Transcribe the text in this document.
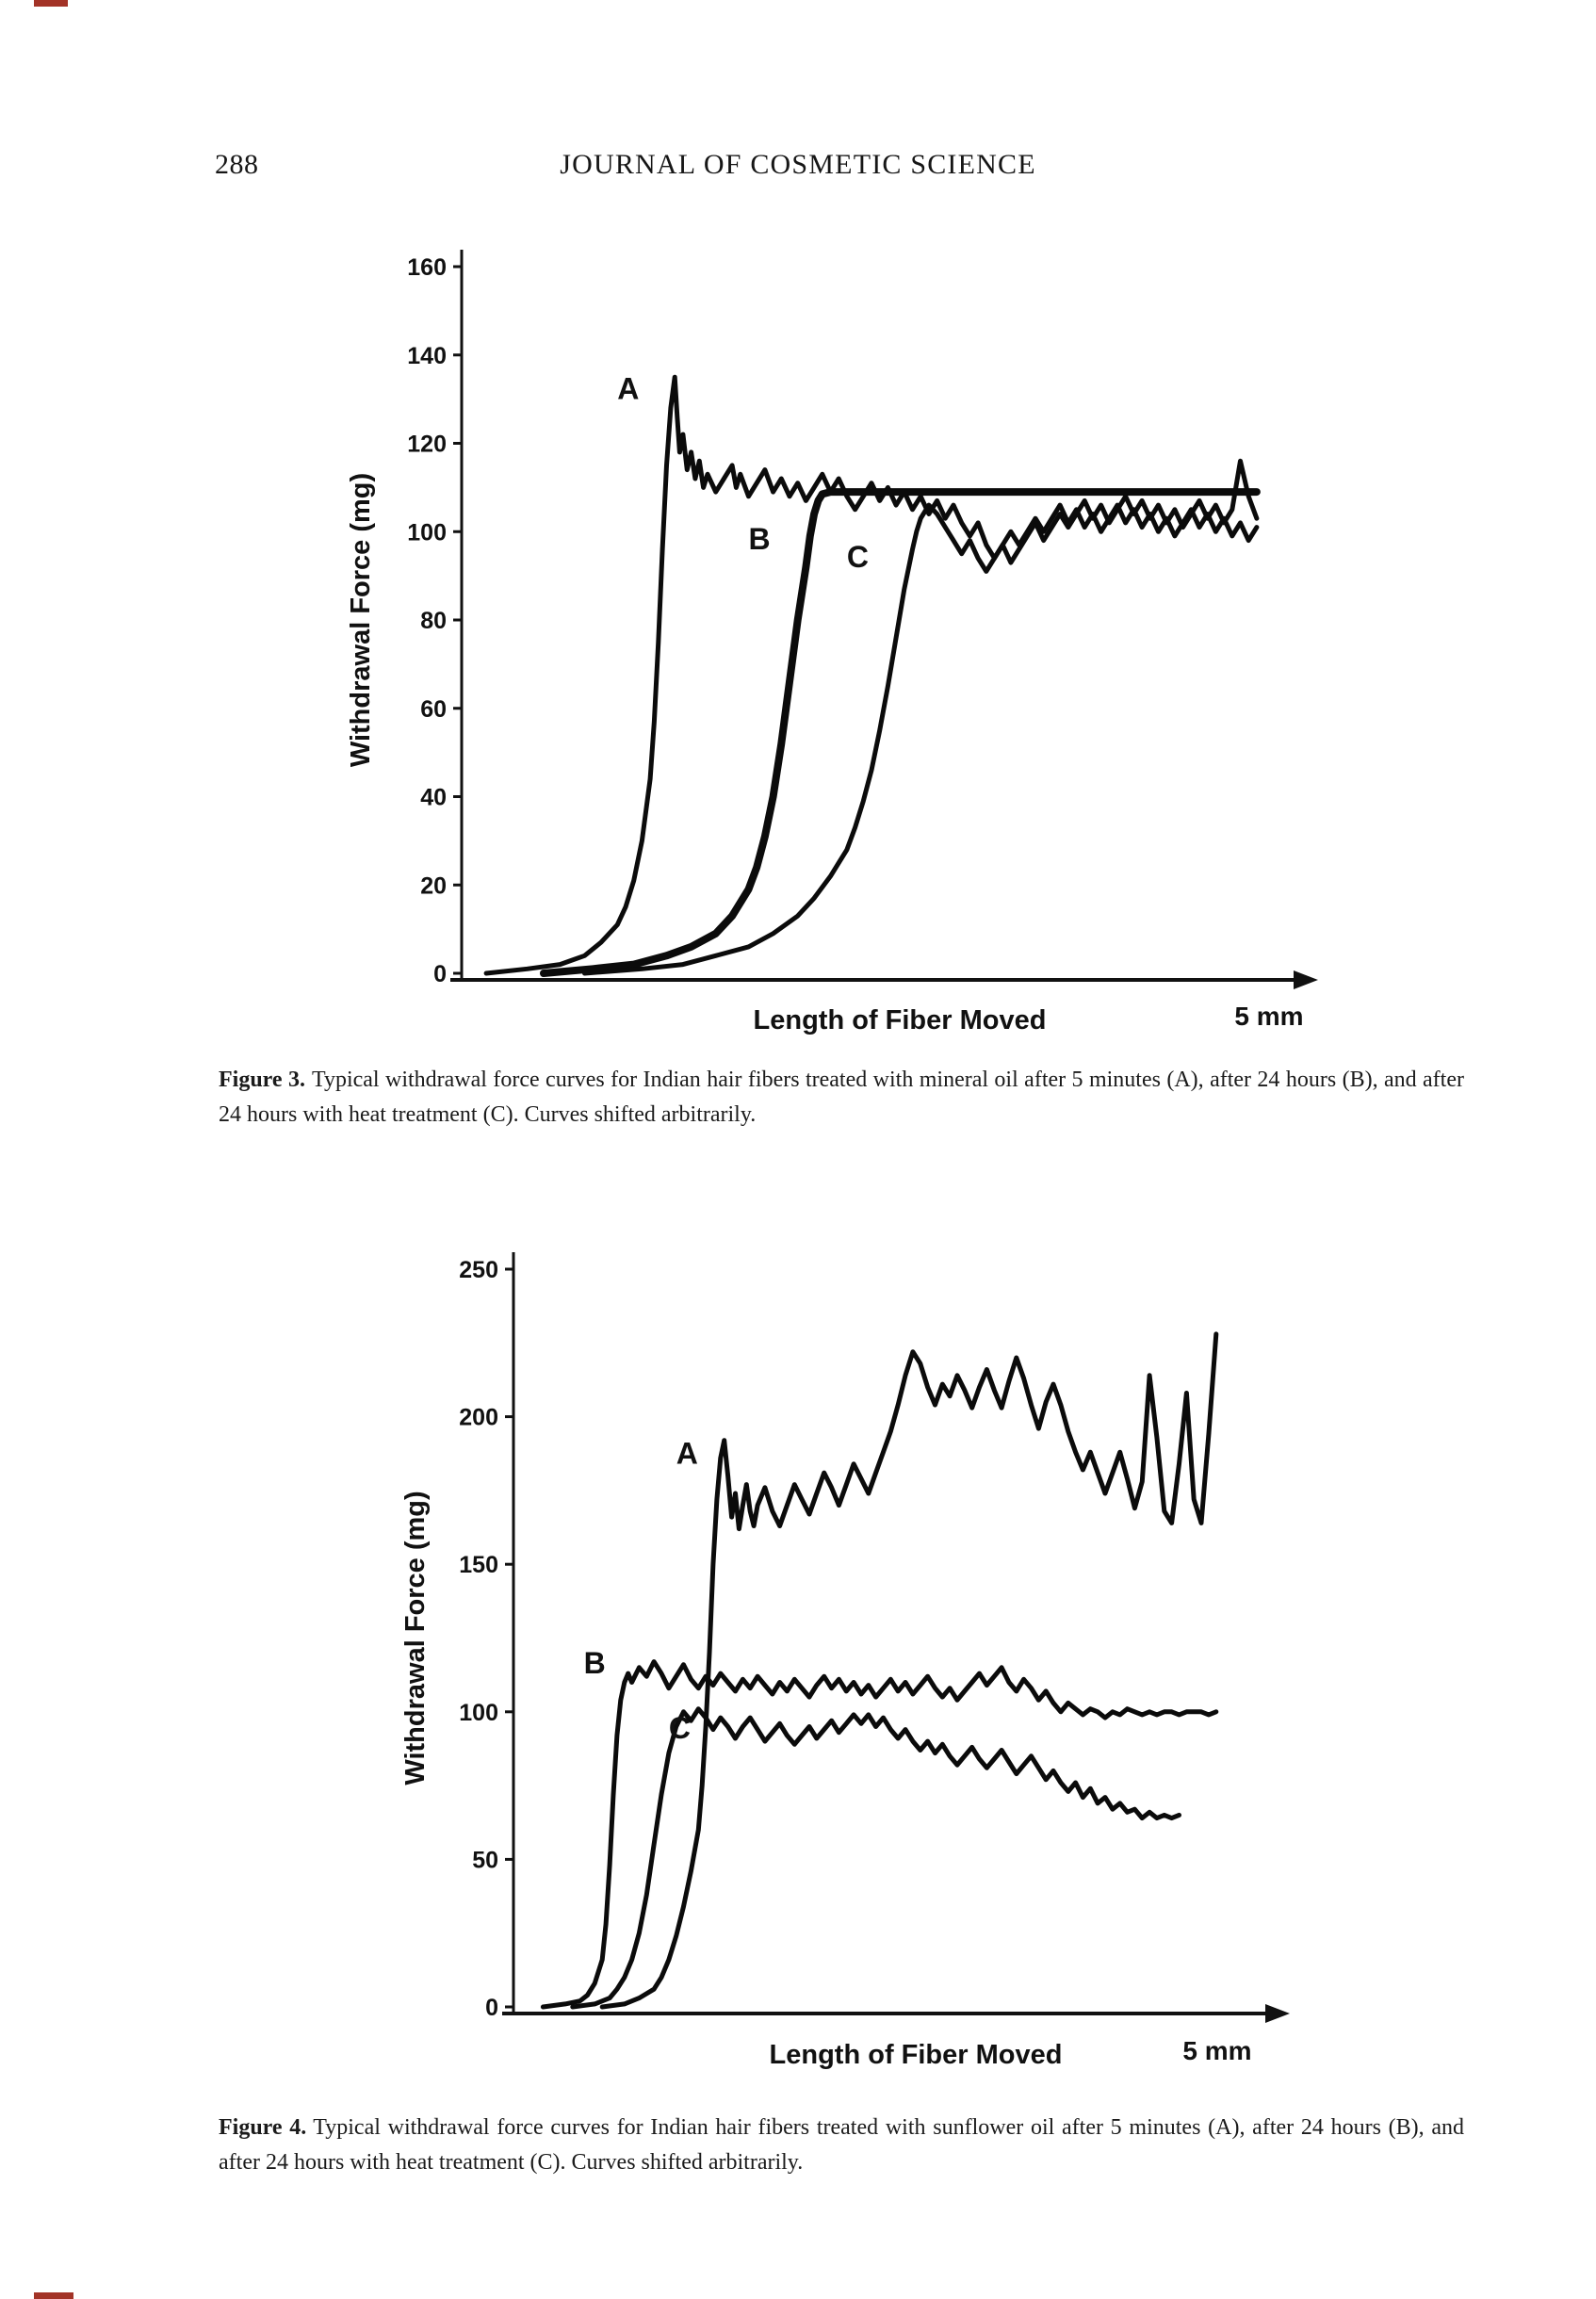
288	JOURNAL OF COSMETIC SCIENCE
0
20
40
60
80
100
120
140
160
A
B
C
Length of Fiber Moved	5 mm
Withdrawal Force (mg)
Figure 3. Typical withdrawal force curves for Indian hair fibers treated with mineral oil after 5 minutes (A), after 24 hours (B), and after 24 hours with heat treatment (C). Curves shifted arbitrarily.
0
50
100
150
200
250
B
C
A
Length of Fiber Moved	5 mm
Withdrawal Force (mg)
Figure 4. Typical withdrawal force curves for Indian hair fibers treated with sunflower oil after 5 minutes (A), after 24 hours (B), and after 24 hours with heat treatment (C). Curves shifted arbitrarily.
